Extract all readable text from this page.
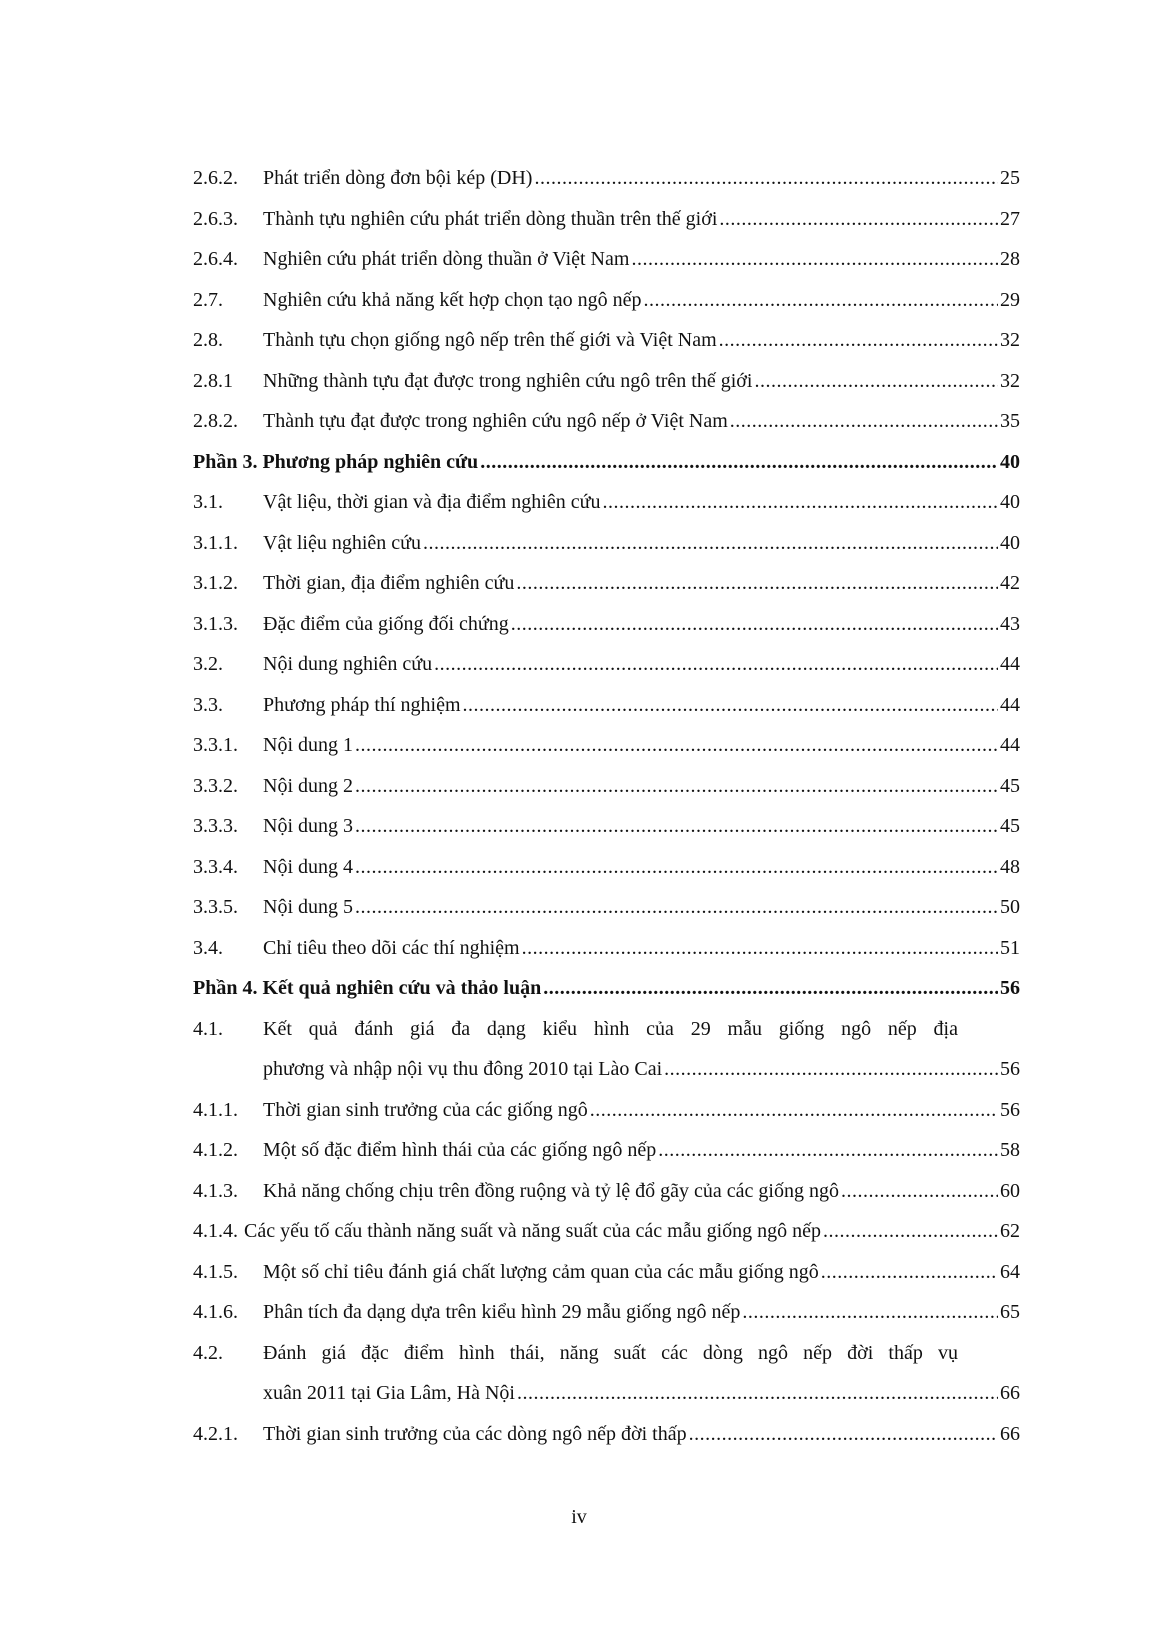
2.6.2.	Phát triển dòng đơn bội kép (DH) .....	25
2.6.3.	Thành tựu nghiên cứu phát triển dòng thuần trên thế giới .....	27
2.6.4.	Nghiên cứu phát triển dòng thuần ở Việt Nam .....	28
2.7.	Nghiên cứu khả năng kết hợp chọn tạo ngô nếp .....	29
2.8.	Thành tựu chọn giống ngô nếp trên thế giới và Việt Nam .....	32
2.8.1	Những thành tựu đạt được trong nghiên cứu ngô trên thế giới .....	32
2.8.2.	Thành tựu đạt được trong nghiên cứu ngô nếp ở Việt Nam .....	35
Phần 3. Phương pháp nghiên cứu .....	40
3.1.	Vật liệu, thời gian và địa điểm nghiên cứu .....	40
3.1.1.	Vật liệu nghiên cứu .....	40
3.1.2.	Thời gian, địa điểm nghiên cứu .....	42
3.1.3.	Đặc điểm của giống đối chứng .....	43
3.2.	Nội dung nghiên cứu .....	44
3.3.	Phương pháp thí nghiệm .....	44
3.3.1.	Nội dung 1 .....	44
3.3.2.	Nội dung 2 .....	45
3.3.3.	Nội dung 3 .....	45
3.3.4.	Nội dung 4 .....	48
3.3.5.	Nội dung 5 .....	50
3.4.	Chỉ tiêu theo dõi các thí nghiệm .....	51
Phần 4. Kết quả nghiên cứu và thảo luận .....	56
4.1.	Kết quả đánh giá đa dạng kiểu hình của 29 mẫu giống ngô nếp địa
phương và nhập nội vụ thu đông 2010 tại Lào Cai .....	56
4.1.1.	Thời gian sinh trưởng của các giống ngô .....	56
4.1.2.	Một số đặc điểm hình thái của các giống ngô nếp .....	58
4.1.3.	Khả năng chống chịu trên đồng ruộng và tỷ lệ đổ gãy của các giống ngô .....	60
4.1.4. Các yếu tố cấu thành năng suất và năng suất của các mẫu giống ngô nếp .....	62
4.1.5.	Một số chỉ tiêu đánh giá chất lượng cảm quan của các mẫu giống ngô .....	64
4.1.6.	Phân tích đa dạng dựa trên kiểu hình 29 mẫu giống ngô nếp .....	65
4.2.	Đánh giá đặc điểm hình thái, năng suất các dòng ngô nếp đời thấp vụ
xuân 2011 tại Gia Lâm, Hà Nội .....	66
4.2.1.	Thời gian sinh trưởng của các dòng ngô nếp đời thấp .....	66
iv
